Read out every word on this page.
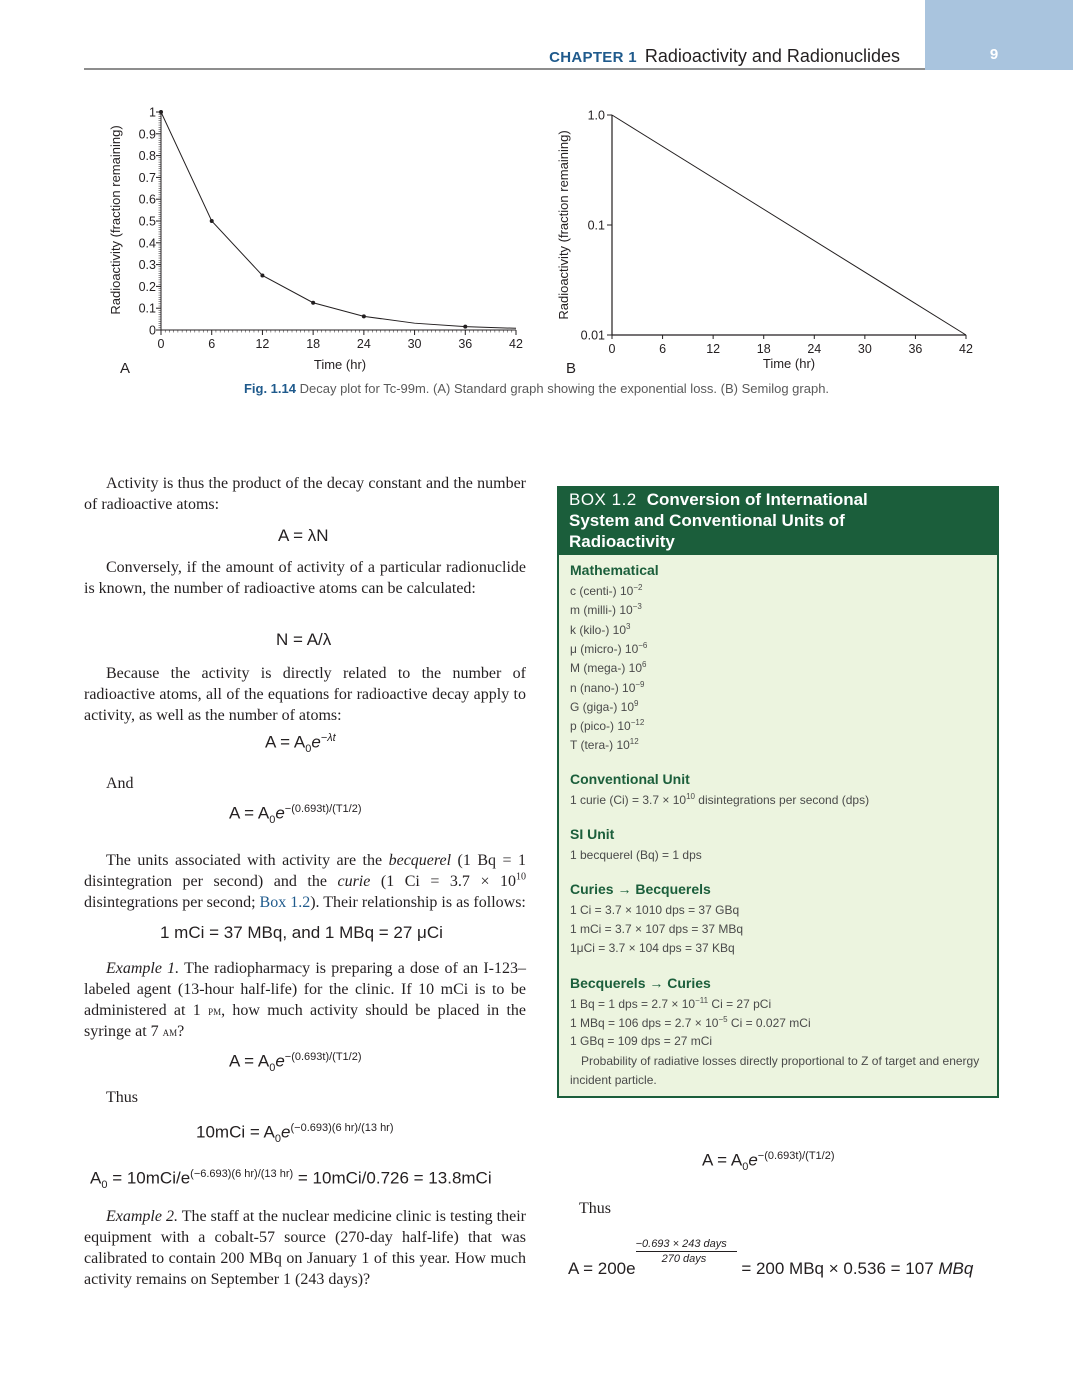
9
CHAPTER 1 Radioactivity and Radionuclides
0
0.1
0.2
0.3
0.4
0.5
0.6
0.7
0.8
0.9
1
0	6	12	18	24	30	36	42
Time (hr)
Radioactivity (fraction remaining)
A
1.0
0.1
0.01
0	6	12	18	24	30	36	42
Time (hr)
Radioactivity (fraction remaining)
B
Fig. 1.14 Decay plot for Tc-99m. (A) Standard graph showing the exponential loss. (B) Semilog graph.
Activity is thus the product of the decay constant and the number of radioactive atoms:
A = λN
Conversely, if the amount of activity of a particular radionuclide is known, the number of radioactive atoms can be calculated:
N = A/λ
Because the activity is directly related to the number of radioactive atoms, all of the equations for radioactive decay apply to activity, as well as the number of atoms:
$A = A_0e^{-\lambda t}$
And
$A = A_0e^{-(0.693t)/(T1/2)}$
The units associated with activity are the becquerel (1 Bq = 1 disintegration per second) and the curie (1 $Ci = 3.7 \times 10^{10}$ disintegrations per second; Box 1.2). Their relationship is as follows:
1 mCi = 37 MBq, and 1 MBq = 27 μCi
Example 1. The radiopharmacy is preparing a dose of an I-123–labeled agent (13-hour half-life) for the clinic. If 10 mCi is to be administered at 1 pm, how much activity should be placed in the syringe at 7 am?
$A = A_0e^{-(0.693t)/(T1/2)}$
Thus
$10mCi = A_0e^{(-0.693)(6 hr)/(13 hr)}$
$A_0 = 10mCi/e^{(-6.693)(6 hr)/(13 hr)} = 10mCi/0.726 = 13.8mCi$
Example 2. The staff at the nuclear medicine clinic is testing their equipment with a cobalt-57 source (270-day half-life) that was calibrated to contain 200 MBq on January 1 of this year. How much activity remains on September 1 (243 days)?
BOX 1.2 Conversion of International
System and Conventional Units of
Radioactivity
Mathematical
c (centi-) $10^{-2}$
m (milli-) $10^{-3}$
k (kilo-) $10^3$
μ (micro-) $10^{-6}$
M (mega-) $10^6$
n (nano-) $10^{-9}$
G (giga-) $10^9$
p (pico-) $10^{-12}$
T (tera-) $10^{12}$
Conventional Unit
1 curie $(Ci) = 3.7 \times 10^{10}$ disintegrations per second (dps)
SI Unit
1 becquerel (Bq) = 1 dps
Curies → Becquerels
1 Ci = 3.7 × 1010 dps = 37 GBq
1 mCi = 3.7 × 107 dps = 37 MBq
1μCi = 3.7 × 104 dps = 37 KBq
Becquerels → Curies
1 Bq = 1 dps = $2.7 \times 10^{-11}$ Ci = 27 pCi
1 MBq = 106 dps = $2.7 \times 10^{-5}$ Ci = 0.027 mCi
1 GBq = 109 dps = 27 mCi
Probability of radiative losses directly proportional to Z of target and energy incident particle.
$A = A_0e^{-(0.693t)/(T1/2)}$
Thus
A = 200e
−0.693 × 243 days
270 days = 200 MBq × 0.536 = 107 MBq
